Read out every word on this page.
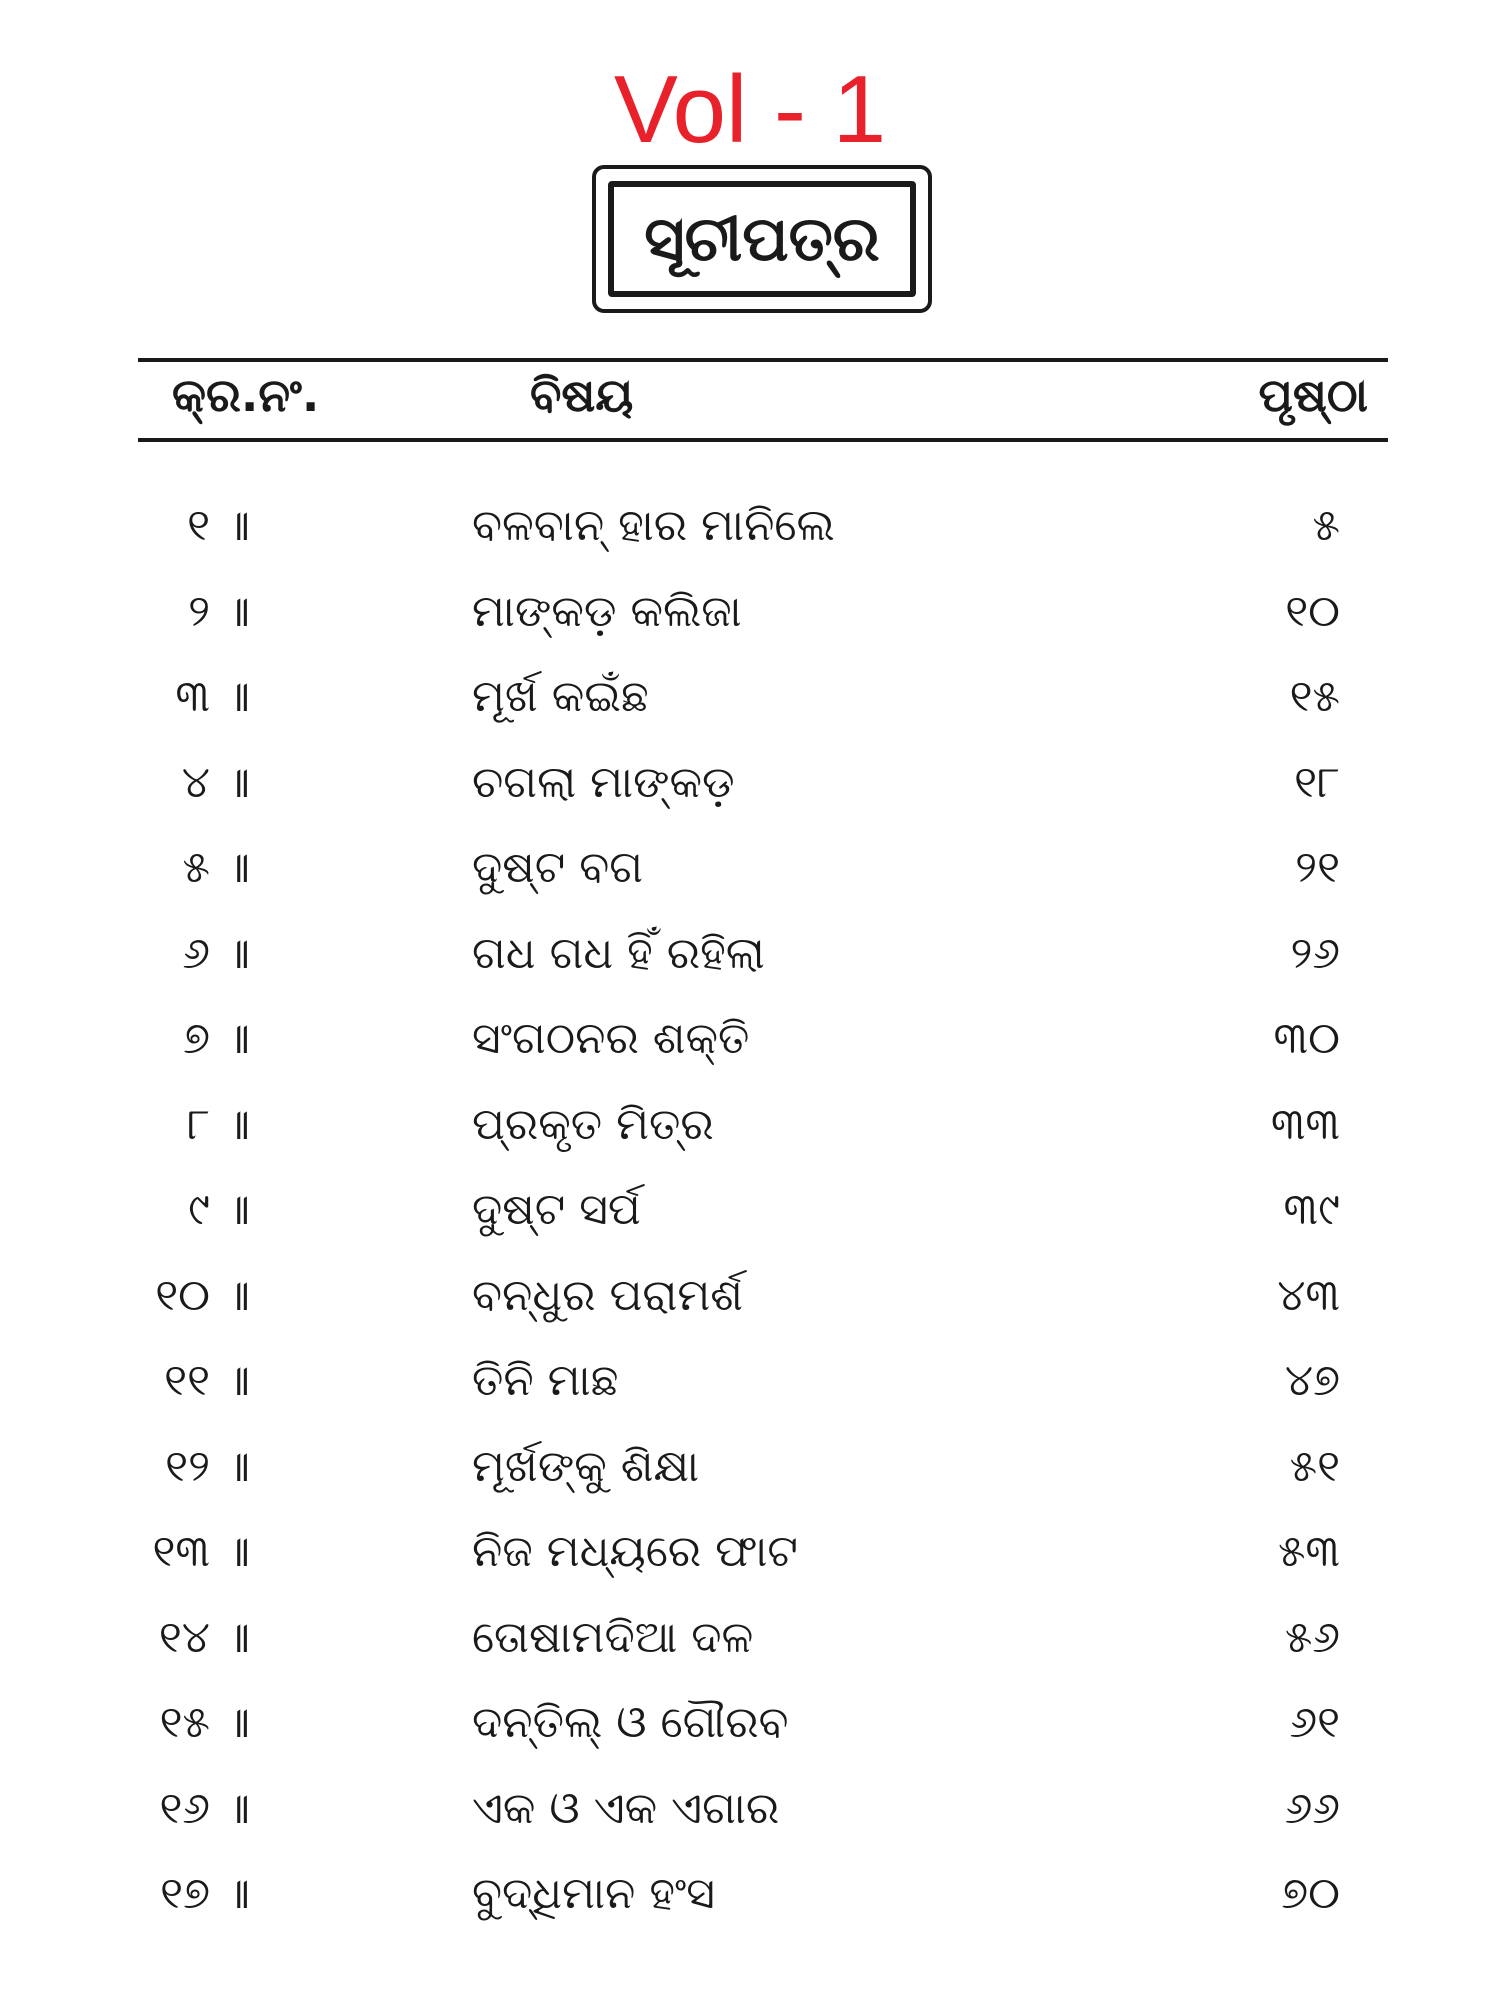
Vol - 1
ସୂଚୀପତ୍ର
କ୍ର.ନଂ.	ବିଷୟ	ପୃଷ୍ଠା
୧ ॥	ବଳବାନ୍ ହାର ମାନିଲେ	୫
୨ ॥	ମାଙ୍କଡ଼ କଲିଜା	୧୦
୩ ॥	ମୂର୍ଖ କଇଁଛ	୧୫
୪ ॥	ଚଗଲା ମାଙ୍କଡ଼	୧୮
୫ ॥	ଦୁଷ୍ଟ ବଗ	୨୧
୬ ॥	ଗଧ ଗଧ ହିଁ ରହିଲା	୨୬
୭ ॥	ସଂଗଠନର ଶକ୍ତି	୩୦
୮ ॥	ପ୍ରକୃତ ମିତ୍ର	୩୩
୯ ॥	ଦୁଷ୍ଟ ସର୍ପ	୩୯
୧୦ ॥	ବନ୍ଧୁର ପରାମର୍ଶ	୪୩
୧୧ ॥	ତିନି ମାଛ	୪୭
୧୨ ॥	ମୂର୍ଖଙ୍କୁ ଶିକ୍ଷା	୫୧
୧୩ ॥	ନିଜ ମଧ୍ୟରେ ଫାଟ	୫୩
୧୪ ॥	ତୋଷାମଦିଆ ଦଳ	୫୬
୧୫ ॥	ଦନ୍ତିଲ୍ ଓ ଗୌରବ	୬୧
୧୬ ॥	ଏକ ଓ ଏକ ଏଗାର	୬୬
୧୭ ॥	ବୁଦ୍ଧିମାନ ହଂସ	୭୦
